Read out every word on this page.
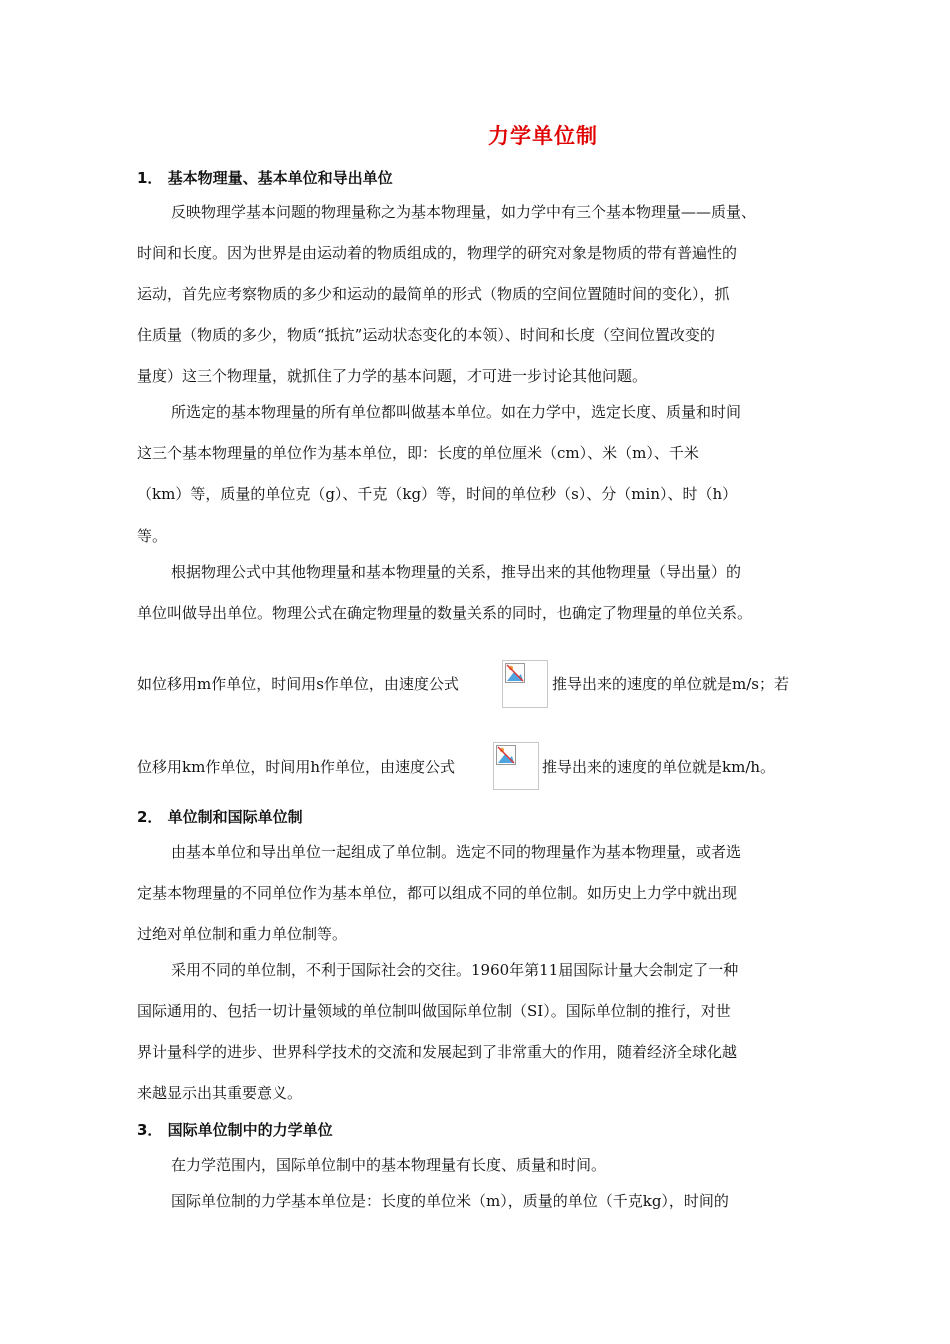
力学单位制
1． 基本物理量、基本单位和导出单位
反映物理学基本问题的物理量称之为基本物理量，如力学中有三个基本物理量——质量、
时间和长度。因为世界是由运动着的物质组成的，物理学的研究对象是物质的带有普遍性的
运动，首先应考察物质的多少和运动的最简单的形式（物质的空间位置随时间的变化），抓
住质量（物质的多少，物质“抵抗”运动状态变化的本领）、时间和长度（空间位置改变的
量度）这三个物理量，就抓住了力学的基本问题，才可进一步讨论其他问题。
所选定的基本物理量的所有单位都叫做基本单位。如在力学中，选定长度、质量和时间
这三个基本物理量的单位作为基本单位，即：长度的单位厘米（cm）、米（m）、千米
（km）等，质量的单位克（g）、千克（kg）等，时间的单位秒（s）、分（min）、时（h）
等。
根据物理公式中其他物理量和基本物理量的关系，推导出来的其他物理量（导出量）的
单位叫做导出单位。物理公式在确定物理量的数量关系的同时，也确定了物理量的单位关系。
如位移用m作单位，时间用s作单位，由速度公式	推导出来的速度的单位就是m/s；若
位移用km作单位，时间用h作单位，由速度公式	推导出来的速度的单位就是km/h。
2． 单位制和国际单位制
由基本单位和导出单位一起组成了单位制。选定不同的物理量作为基本物理量，或者选
定基本物理量的不同单位作为基本单位，都可以组成不同的单位制。如历史上力学中就出现
过绝对单位制和重力单位制等。
采用不同的单位制，不利于国际社会的交往。1960年第11届国际计量大会制定了一种
国际通用的、包括一切计量领域的单位制叫做国际单位制（SI）。国际单位制的推行，对世
界计量科学的进步、世界科学技术的交流和发展起到了非常重大的作用，随着经济全球化越
来越显示出其重要意义。
3． 国际单位制中的力学单位
在力学范围内，国际单位制中的基本物理量有长度、质量和时间。
国际单位制的力学基本单位是：长度的单位米（m），质量的单位（千克kg），时间的
